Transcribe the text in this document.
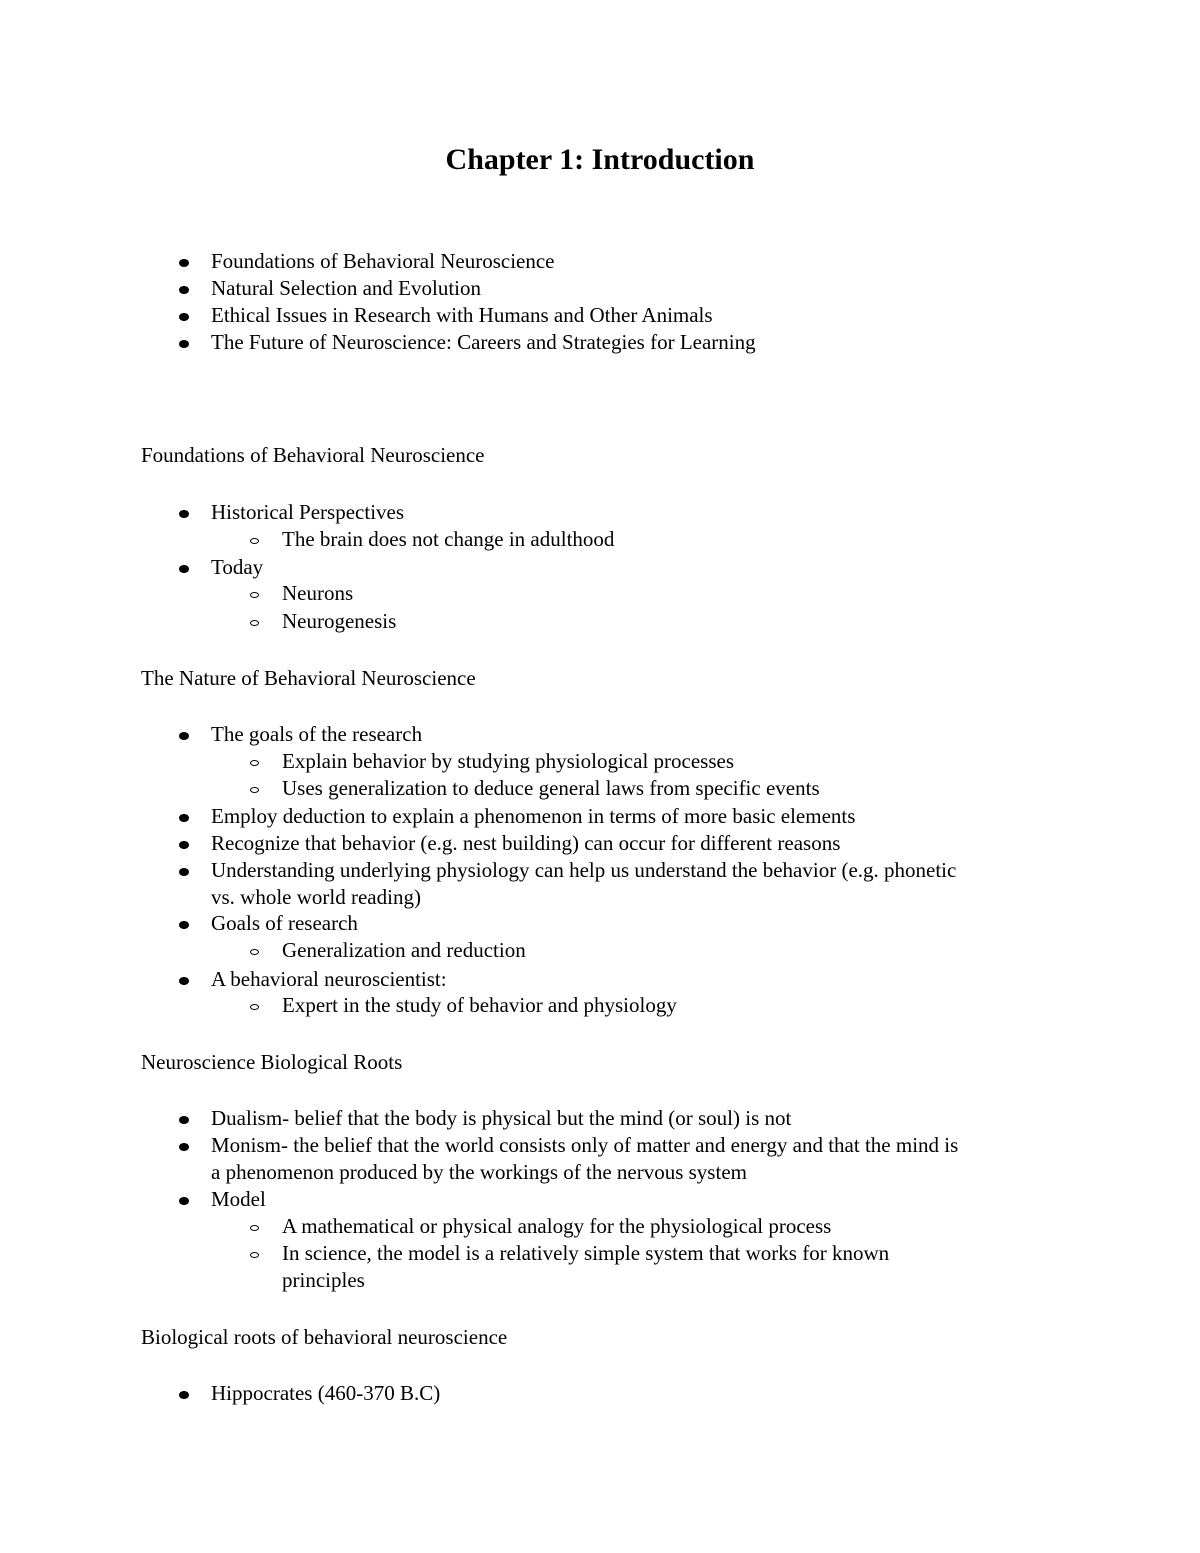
Chapter 1: Introduction
Foundations of Behavioral Neuroscience
Natural Selection and Evolution
Ethical Issues in Research with Humans and Other Animals
The Future of Neuroscience: Careers and Strategies for Learning
Foundations of Behavioral Neuroscience
Historical Perspectives
The brain does not change in adulthood
Today
Neurons
Neurogenesis
The Nature of Behavioral Neuroscience
The goals of the research
Explain behavior by studying physiological processes
Uses generalization to deduce general laws from specific events
Employ deduction to explain a phenomenon in terms of more basic elements
Recognize that behavior (e.g. nest building) can occur for different reasons
Understanding underlying physiology can help us understand the behavior (e.g. phonetic
vs. whole world reading)
Goals of research
Generalization and reduction
A behavioral neuroscientist:
Expert in the study of behavior and physiology
Neuroscience Biological Roots
Dualism- belief that the body is physical but the mind (or soul) is not
Monism- the belief that the world consists only of matter and energy and that the mind is
a phenomenon produced by the workings of the nervous system
Model
A mathematical or physical analogy for the physiological process
In science, the model is a relatively simple system that works for known
principles
Biological roots of behavioral neuroscience
Hippocrates (460-370 B.C)
